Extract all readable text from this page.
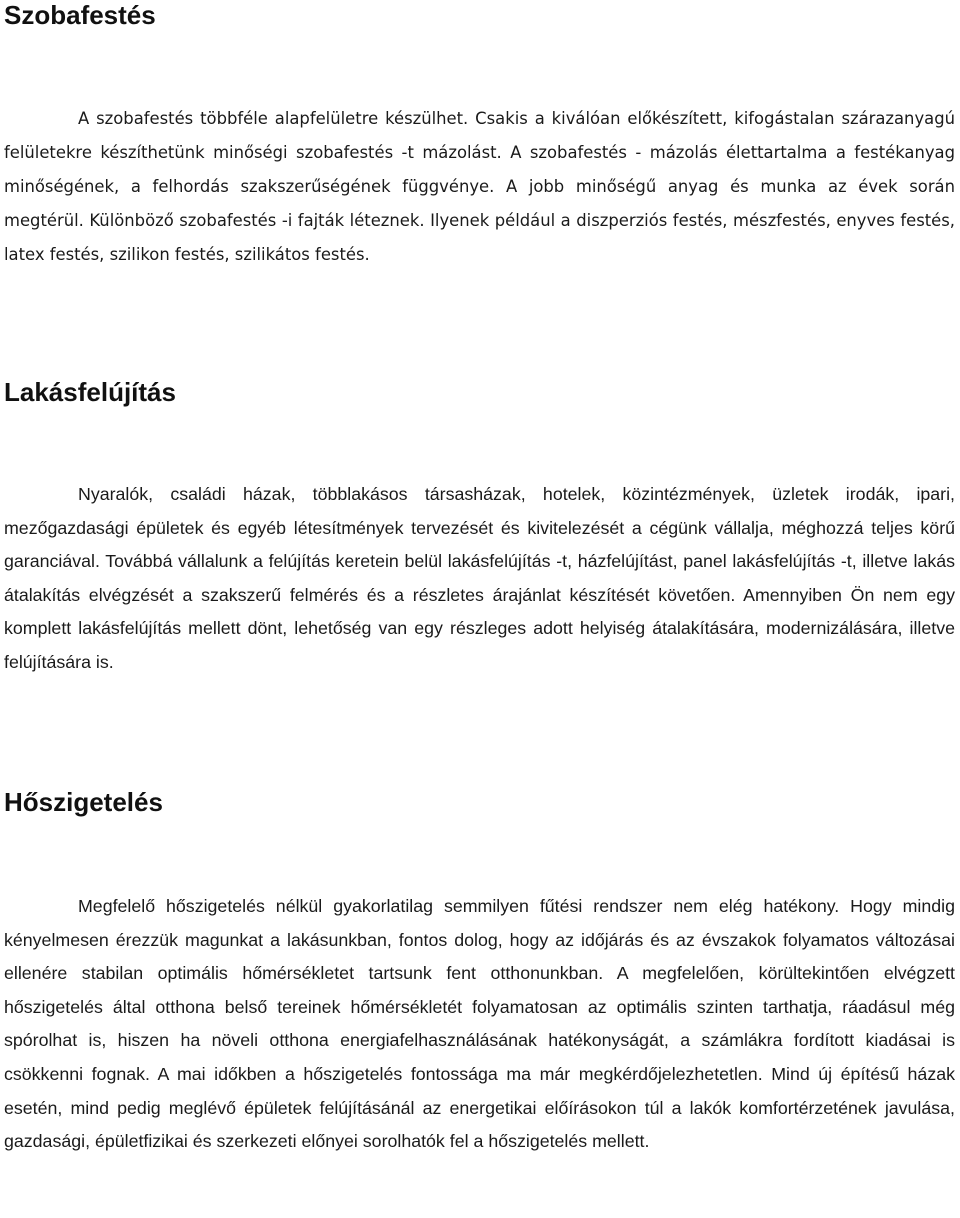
Szobafestés

A szobafestés többféle alapfelületre készülhet. Csakis a kiválóan előkészített, kifogástalan szárazanyagú felületekre készíthetünk minőségi szobafestés -t mázolást. A szobafestés - mázolás élettartalma a festékanyag minőségének, a felhordás szakszerűségének függvénye. A jobb minőségű anyag és munka az évek során megtérül. Különböző szobafestés -i fajták léteznek. Ilyenek például a diszperziós festés, mészfestés, enyves festés, latex festés, szilikon festés, szilikátos festés.

Lakásfelújítás

Nyaralók, családi házak, többlakásos társasházak, hotelek, közintézmények, üzletek irodák, ipari, mezőgazdasági épületek és egyéb létesítmények tervezését és kivitelezését a cégünk vállalja, méghozzá teljes körű garanciával. Továbbá vállalunk a felújítás keretein belül lakásfelújítás -t, házfelújítást, panel lakásfelújítás -t, illetve lakás átalakítás elvégzését a szakszerű felmérés és a részletes árajánlat készítését követően. Amennyiben Ön nem egy komplett lakásfelújítás mellett dönt, lehetőség van egy részleges adott helyiség átalakítására, modernizálására, illetve felújítására is.

Hőszigetelés

Megfelelő hőszigetelés nélkül gyakorlatilag semmilyen fűtési rendszer nem elég hatékony. Hogy mindig kényelmesen érezzük magunkat a lakásunkban, fontos dolog, hogy az időjárás és az évszakok folyamatos változásai ellenére stabilan optimális hőmérsékletet tartsunk fent otthonunkban. A megfelelően, körültekintően elvégzett hőszigetelés által otthona belső tereinek hőmérsékletét folyamatosan az optimális szinten tarthatja, ráadásul még spórolhat is, hiszen ha növeli otthona energiafelhasználásának hatékonyságát, a számlákra fordított kiadásai is csökkenni fognak. A mai időkben a hőszigetelés fontossága ma már megkérdőjelezhetetlen. Mind új építésű házak esetén, mind pedig meglévő épületek felújításánál az energetikai előírásokon túl a lakók komfortérzetének javulása, gazdasági, épületfizikai és szerkezeti előnyei sorolhatók fel a hőszigetelés mellett.
